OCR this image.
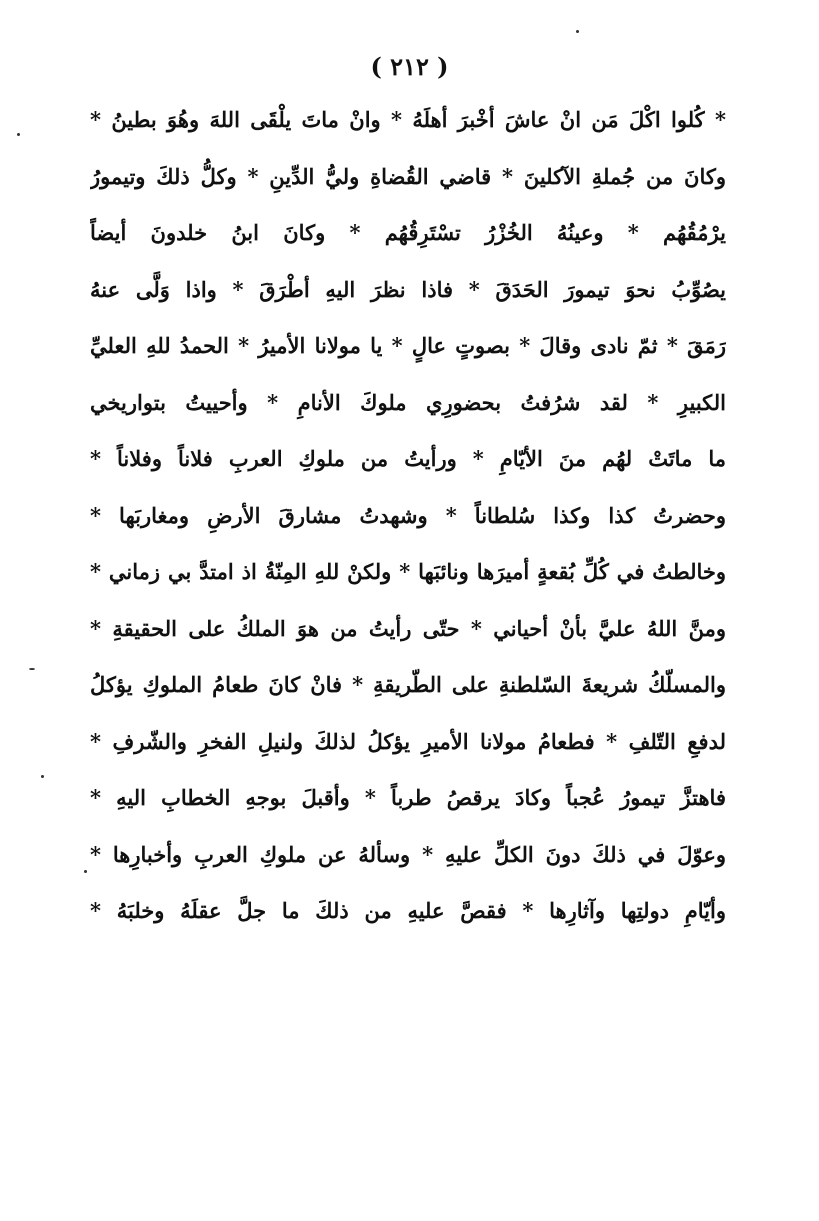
( ٢١٢ )
* كُلوا اكْلَ مَن انْ عاشَ أخْبرَ أهلَهُ * وانْ ماتَ يلْقَى اللهَ وهُوَ بطينُ *
وكانَ من جُملةِ الآكلينَ * قاضي القُضاةِ وليُّ الدِّينِ * وكلُّ ذلكَ وتيمورُ
يرْمُقُهُم * وعينُهُ الخُزْرُ تسْتَرِقُهُم * وكانَ ابنُ خلدونَ أيضاً
يصُوِّبُ نحوَ تيمورَ الحَدَقَ * فاذا نظرَ اليهِ أطْرَقَ * واذا وَلَّى عنهُ
رَمَقَ * ثمّ نادى وقالَ * بصوتٍ عالٍ * يا مولانا الأميرُ * الحمدُ للهِ العليِّ
الكبيرِ * لقد شرُفتُ بحضورِي ملوكَ الأنامِ * وأحييتُ بتواريخي
ما ماتَتْ لهُم منَ الأيّامِ * ورأيتُ من ملوكِ العربِ فلاناً وفلاناً *
وحضرتُ كذا وكذا سُلطاناً * وشهدتُ مشارقَ الأرضِ ومغاربَها *
وخالطتُ في كُلِّ بُقعةٍ أميرَها ونائبَها * ولكنْ للهِ المِنّةُ اذ امتدَّ بي زماني *
ومنَّ اللهُ عليَّ بأنْ أحياني * حتّى رأيتُ من هوَ الملكُ على الحقيقةِ *
والمسلّكُ شريعةَ السّلطنةِ على الطّريقةِ * فانْ كانَ طعامُ الملوكِ يؤكلُ
لدفعِ التّلفِ * فطعامُ مولانا الأميرِ يؤكلُ لذلكَ ولنيلِ الفخرِ والشّرفِ *
فاهتزَّ تيمورُ عُجباً وكادَ يرقصُ طرباً * وأقبلَ بوجهِ الخطابِ اليهِ *
وعوّلَ في ذلكَ دونَ الكلِّ عليهِ * وسألهُ عن ملوكِ العربِ وأخبارِها *
وأيّامِ دولتِها وآثارِها * فقصَّ عليهِ من ذلكَ ما جلَّ عقلَهُ وخلبَهُ *
